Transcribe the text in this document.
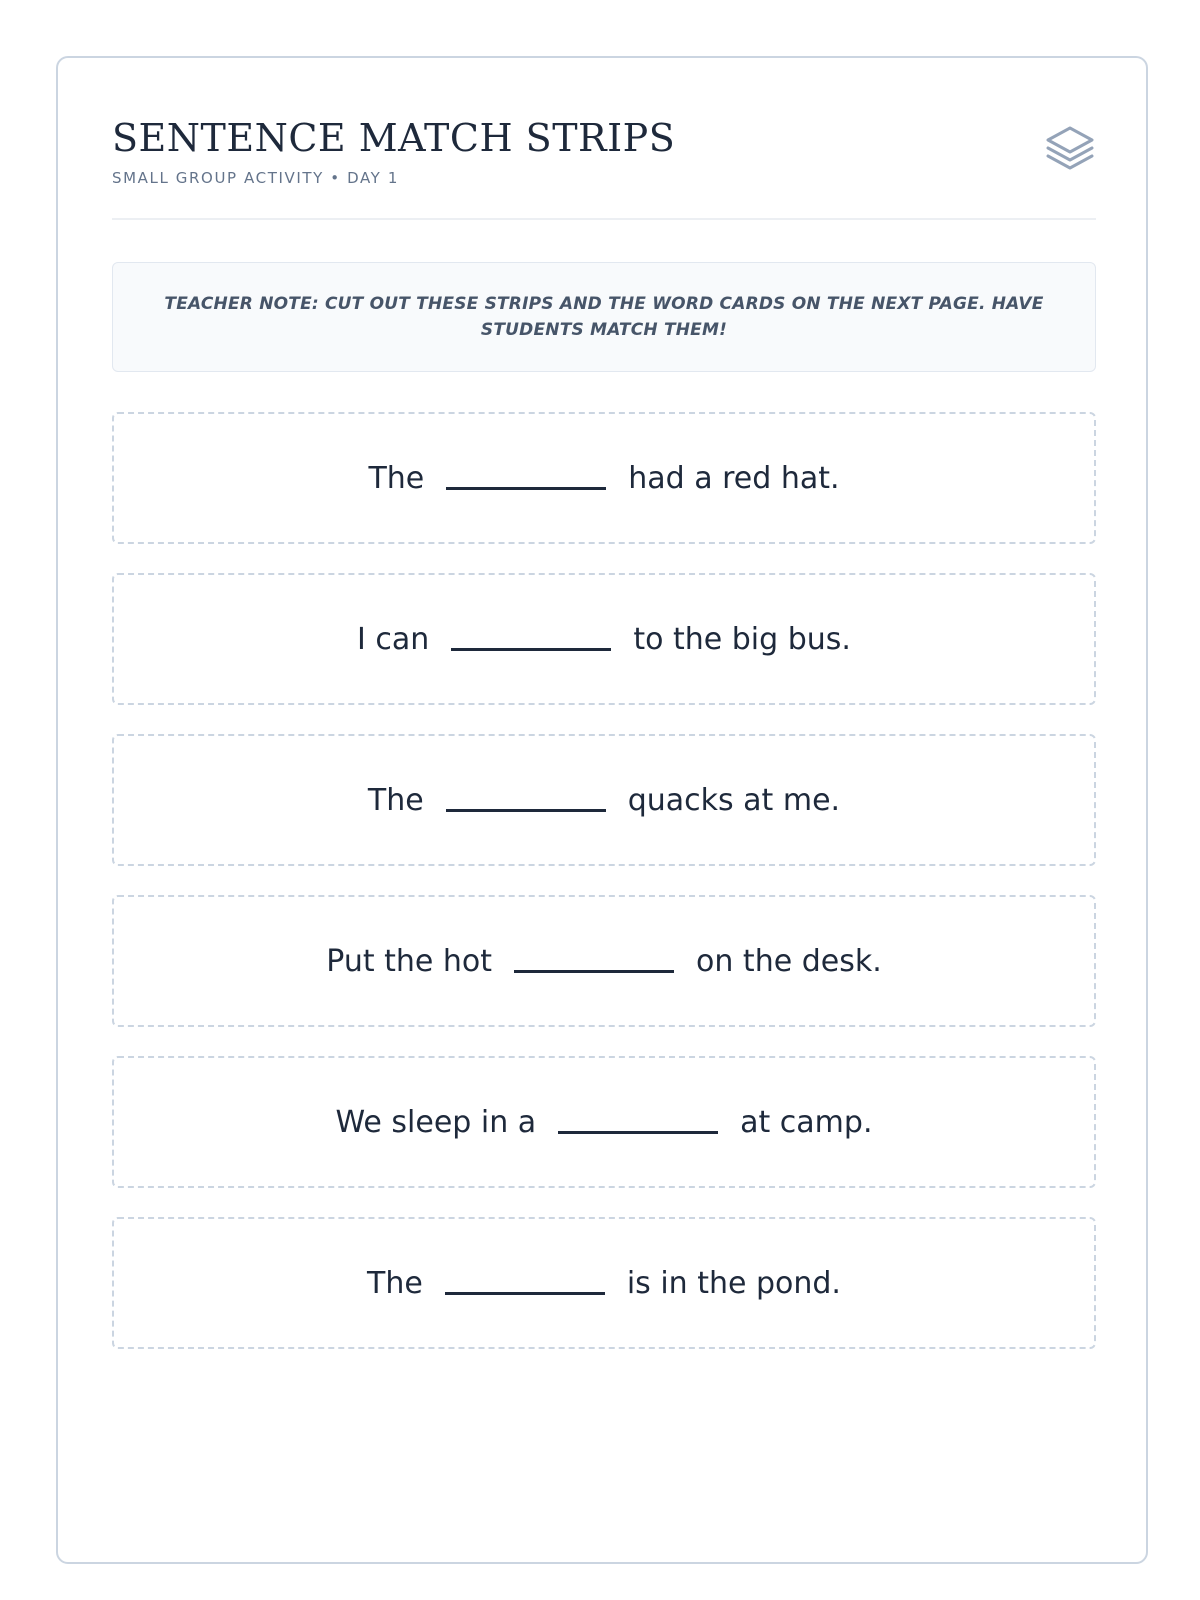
SENTENCE MATCH STRIPS
SMALL GROUP ACTIVITY • DAY 1

TEACHER NOTE: CUT OUT THESE STRIPS AND THE WORD CARDS ON THE NEXT PAGE. HAVE STUDENTS MATCH THEM!

The	had a red hat.
I can	to the big bus.
The	quacks at me.
Put the hot	on the desk.
We sleep in a	at camp.
The	is in the pond.
